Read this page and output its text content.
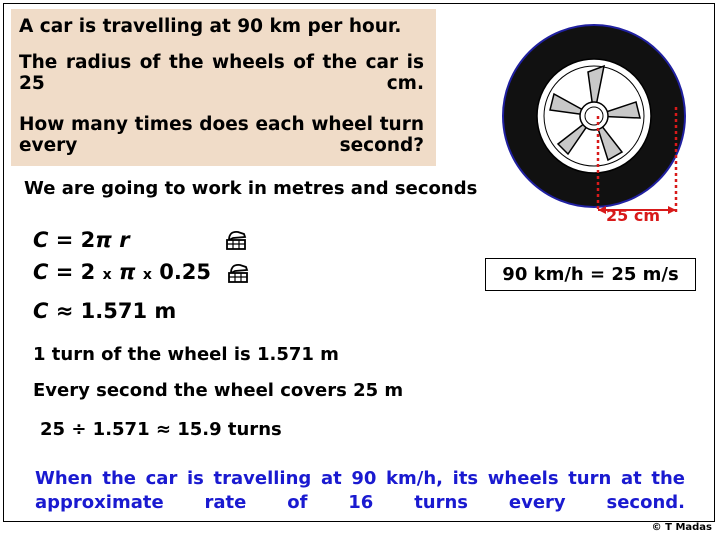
A car is travelling at 90 km per hour.
The radius of the wheels of the car is 25 cm.
How many times does each wheel turn every second?
We are going to work in metres and seconds
C = 2π r
C = 2 x π x 0.25
C ≈ 1.571 m
1 turn of the wheel is 1.571 m
Every second the wheel covers 25 m
25 ÷ 1.571 ≈ 15.9 turns
When the car is travelling at 90 km/h, its wheels turn at the approximate rate of 16 turns every second.
25 cm
90 km/h = 25 m/s
© T Madas
